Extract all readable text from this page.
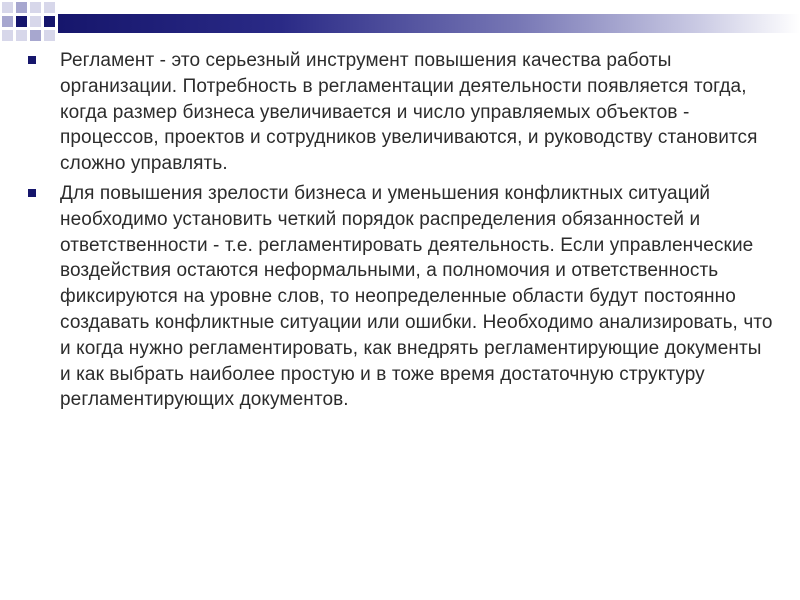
Регламент - это серьезный инструмент повышения качества работы организации. Потребность в регламентации деятельности появляется тогда, когда размер бизнеса увеличивается и число управляемых объектов - процессов, проектов и сотрудников увеличиваются, и руководству становится сложно управлять.
Для повышения зрелости бизнеса и уменьшения конфликтных ситуаций необходимо установить четкий порядок распределения обязанностей и ответственности - т.е. регламентировать деятельность. Если управленческие воздействия остаются неформальными, а полномочия и ответственность фиксируются на уровне слов, то неопределенные области будут постоянно создавать конфликтные ситуации или ошибки. Необходимо анализировать, что и когда нужно регламентировать, как внедрять регламентирующие документы и как выбрать наиболее простую и в тоже время достаточную структуру регламентирующих документов.
